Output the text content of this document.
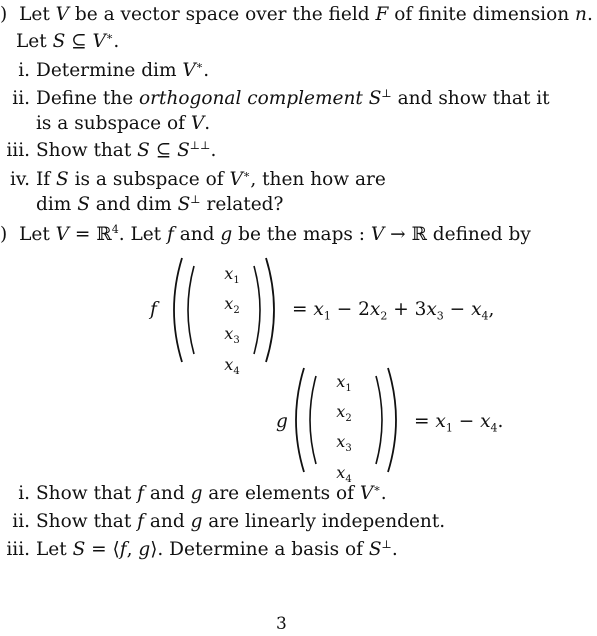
) Let V be a vector space over the field F of finite dimension n.
Let S ⊆ V∗.
i. Determine dim V∗.
ii. Define the orthogonal complement S⊥ and show that it
is a subspace of V.
iii. Show that S ⊆ S⊥⊥.
iv. If S is a subspace of V∗, then how are
dim S and dim S⊥ related?
) Let V = ℝ$^4$. Let f and g be the maps : V → ℝ defined by
f
$x_1$
$x_2$
$x_3$
$x_4$
= $x_1 - 2x_2 + 3x_3 - x_4$,
g
$x_1$
$x_2$
$x_3$
$x_4$
= $x_1 - x_4$.
i. Show that f and g are elements of V∗.
ii. Show that f and g are linearly independent.
iii. Let S = ⟨f, g⟩. Determine a basis of S⊥.
3
